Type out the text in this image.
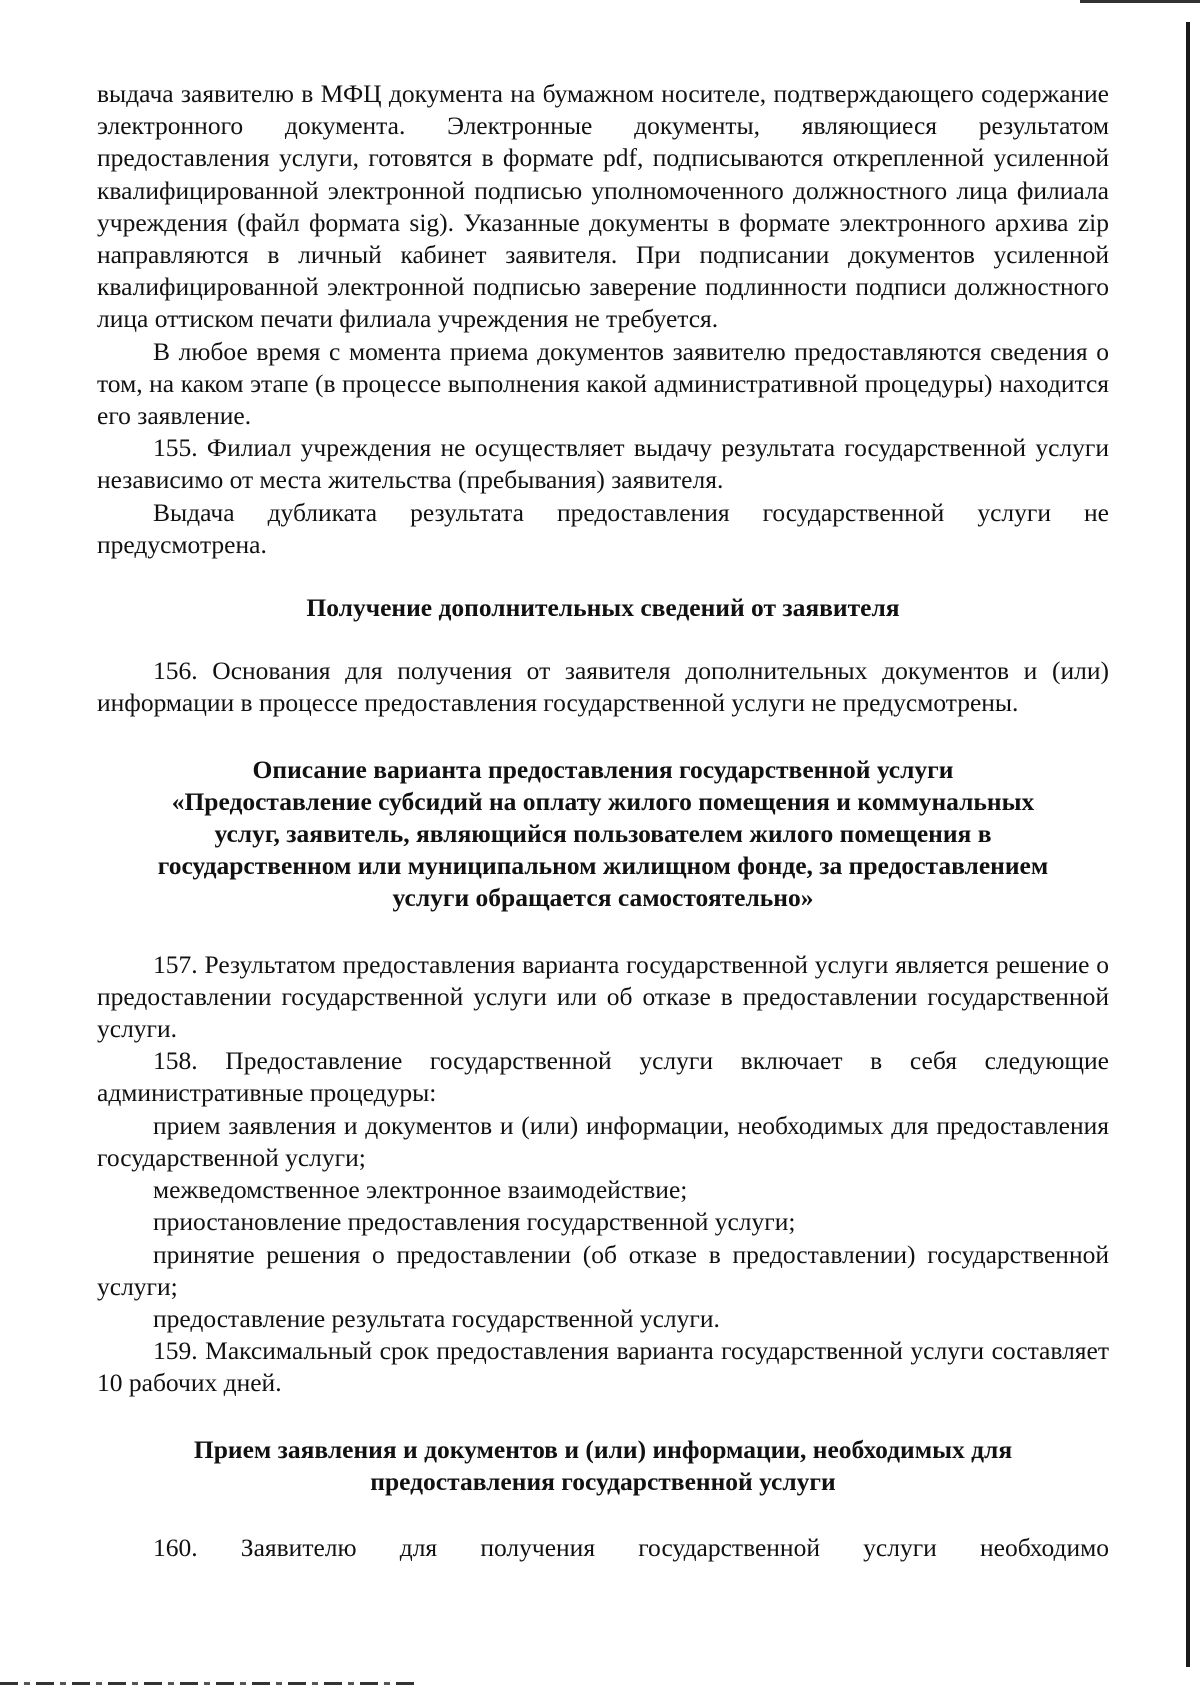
выдача заявителю в МФЦ документа на бумажном носителе, подтверждающего содержание электронного документа. Электронные документы, являющиеся результатом предоставления услуги, готовятся в формате pdf, подписываются открепленной усиленной квалифицированной электронной подписью уполномоченного должностного лица филиала учреждения (файл формата sig). Указанные документы в формате электронного архива zip направляются в личный кабинет заявителя. При подписании документов усиленной квалифицированной электронной подписью заверение подлинности подписи должностного лица оттиском печати филиала учреждения не требуется.

В любое время с момента приема документов заявителю предоставляются сведения о том, на каком этапе (в процессе выполнения какой административной процедуры) находится его заявление.

155. Филиал учреждения не осуществляет выдачу результата государственной услуги независимо от места жительства (пребывания) заявителя.

Выдача дубликата результата предоставления государственной услуги не предусмотрена.

Получение дополнительных сведений от заявителя

156. Основания для получения от заявителя дополнительных документов и (или) информации в процессе предоставления государственной услуги не предусмотрены.

Описание варианта предоставления государственной услуги

«Предоставление субсидий на оплату жилого помещения и коммунальных

услуг, заявитель, являющийся пользователем жилого помещения в

государственном или муниципальном жилищном фонде, за предоставлением

услуги обращается самостоятельно»

157. Результатом предоставления варианта государственной услуги является решение о предоставлении государственной услуги или об отказе в предоставлении государственной услуги.

158. Предоставление государственной услуги включает в себя следующие административные процедуры:

прием заявления и документов и (или) информации, необходимых для предоставления государственной услуги;

межведомственное электронное взаимодействие;

приостановление предоставления государственной услуги;

принятие решения о предоставлении (об отказе в предоставлении) государственной услуги;

предоставление результата государственной услуги.

159. Максимальный срок предоставления варианта государственной услуги составляет 10 рабочих дней.

Прием заявления и документов и (или) информации, необходимых для

предоставления государственной услуги

160. Заявителю для получения государственной услуги необходимо
